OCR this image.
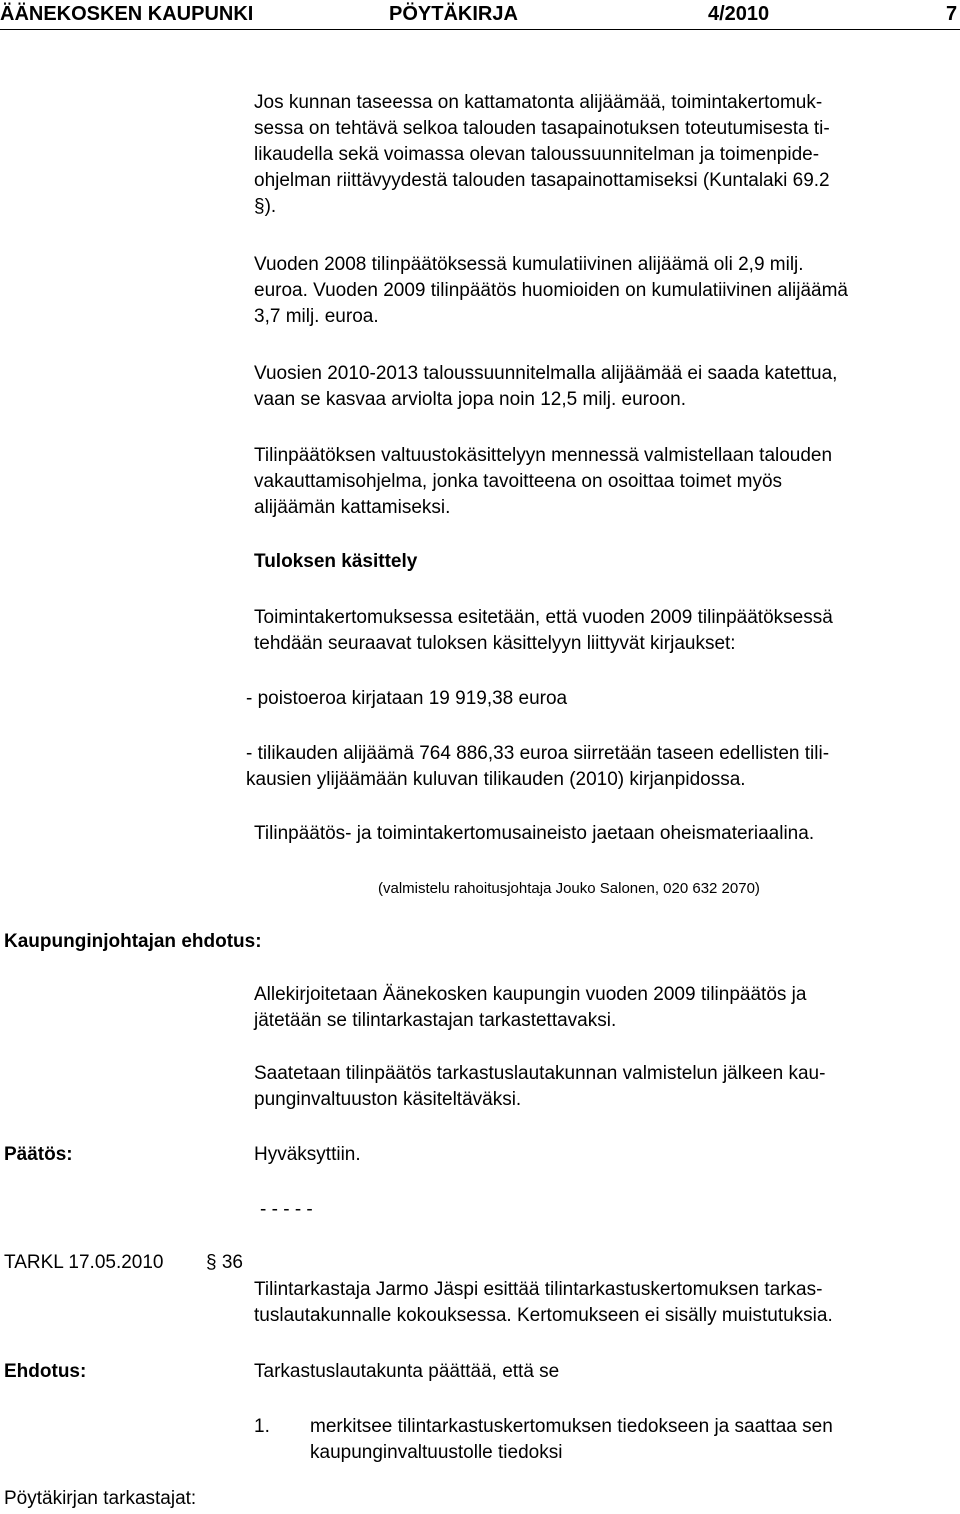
ÄÄNEKOSKEN KAUPUNKI	PÖYTÄKIRJA	4/2010	7
Jos kunnan taseessa on kattamatonta alijäämää, toimintakertomuk-
sessa on tehtävä selkoa talouden tasapainotuksen toteutumisesta ti-
likaudella sekä voimassa olevan taloussuunnitelman ja toimenpide-
ohjelman riittävyydestä talouden tasapainottamiseksi (Kuntalaki 69.2
§).
Vuoden 2008 tilinpäätöksessä kumulatiivinen alijäämä oli 2,9 milj.
euroa. Vuoden 2009 tilinpäätös huomioiden on kumulatiivinen alijäämä
3,7 milj. euroa.
Vuosien 2010-2013 taloussuunnitelmalla alijäämää ei saada katettua,
vaan se kasvaa arviolta jopa noin 12,5 milj. euroon.
Tilinpäätöksen valtuustokäsittelyyn mennessä valmistellaan talouden
vakauttamisohjelma, jonka tavoitteena on osoittaa toimet myös
alijäämän kattamiseksi.
Tuloksen käsittely
Toimintakertomuksessa esitetään, että vuoden 2009 tilinpäätöksessä
tehdään seuraavat tuloksen käsittelyyn liittyvät kirjaukset:
- poistoeroa kirjataan 19 919,38 euroa
- tilikauden alijäämä 764 886,33 euroa siirretään taseen edellisten tili-
kausien ylijäämään kuluvan tilikauden (2010) kirjanpidossa.
Tilinpäätös- ja toimintakertomusaineisto jaetaan oheismateriaalina.
(valmistelu rahoitusjohtaja Jouko Salonen, 020 632 2070)
Kaupunginjohtajan ehdotus:
Allekirjoitetaan Äänekosken kaupungin vuoden 2009 tilinpäätös ja
jätetään se tilintarkastajan tarkastettavaksi.
Saatetaan tilinpäätös tarkastuslautakunnan valmistelun jälkeen kau-
punginvaltuuston käsiteltäväksi.
Päätös:	Hyväksyttiin.
- - - - -
TARKL 17.05.2010 § 36
Tilintarkastaja Jarmo Jäspi esittää tilintarkastuskertomuksen tarkas-
tuslautakunnalle kokouksessa. Kertomukseen ei sisälly muistutuksia.
Ehdotus:	Tarkastuslautakunta päättää, että se
1. merkitsee tilintarkastuskertomuksen tiedokseen ja saattaa sen
kaupunginvaltuustolle tiedoksi
Pöytäkirjan tarkastajat:
